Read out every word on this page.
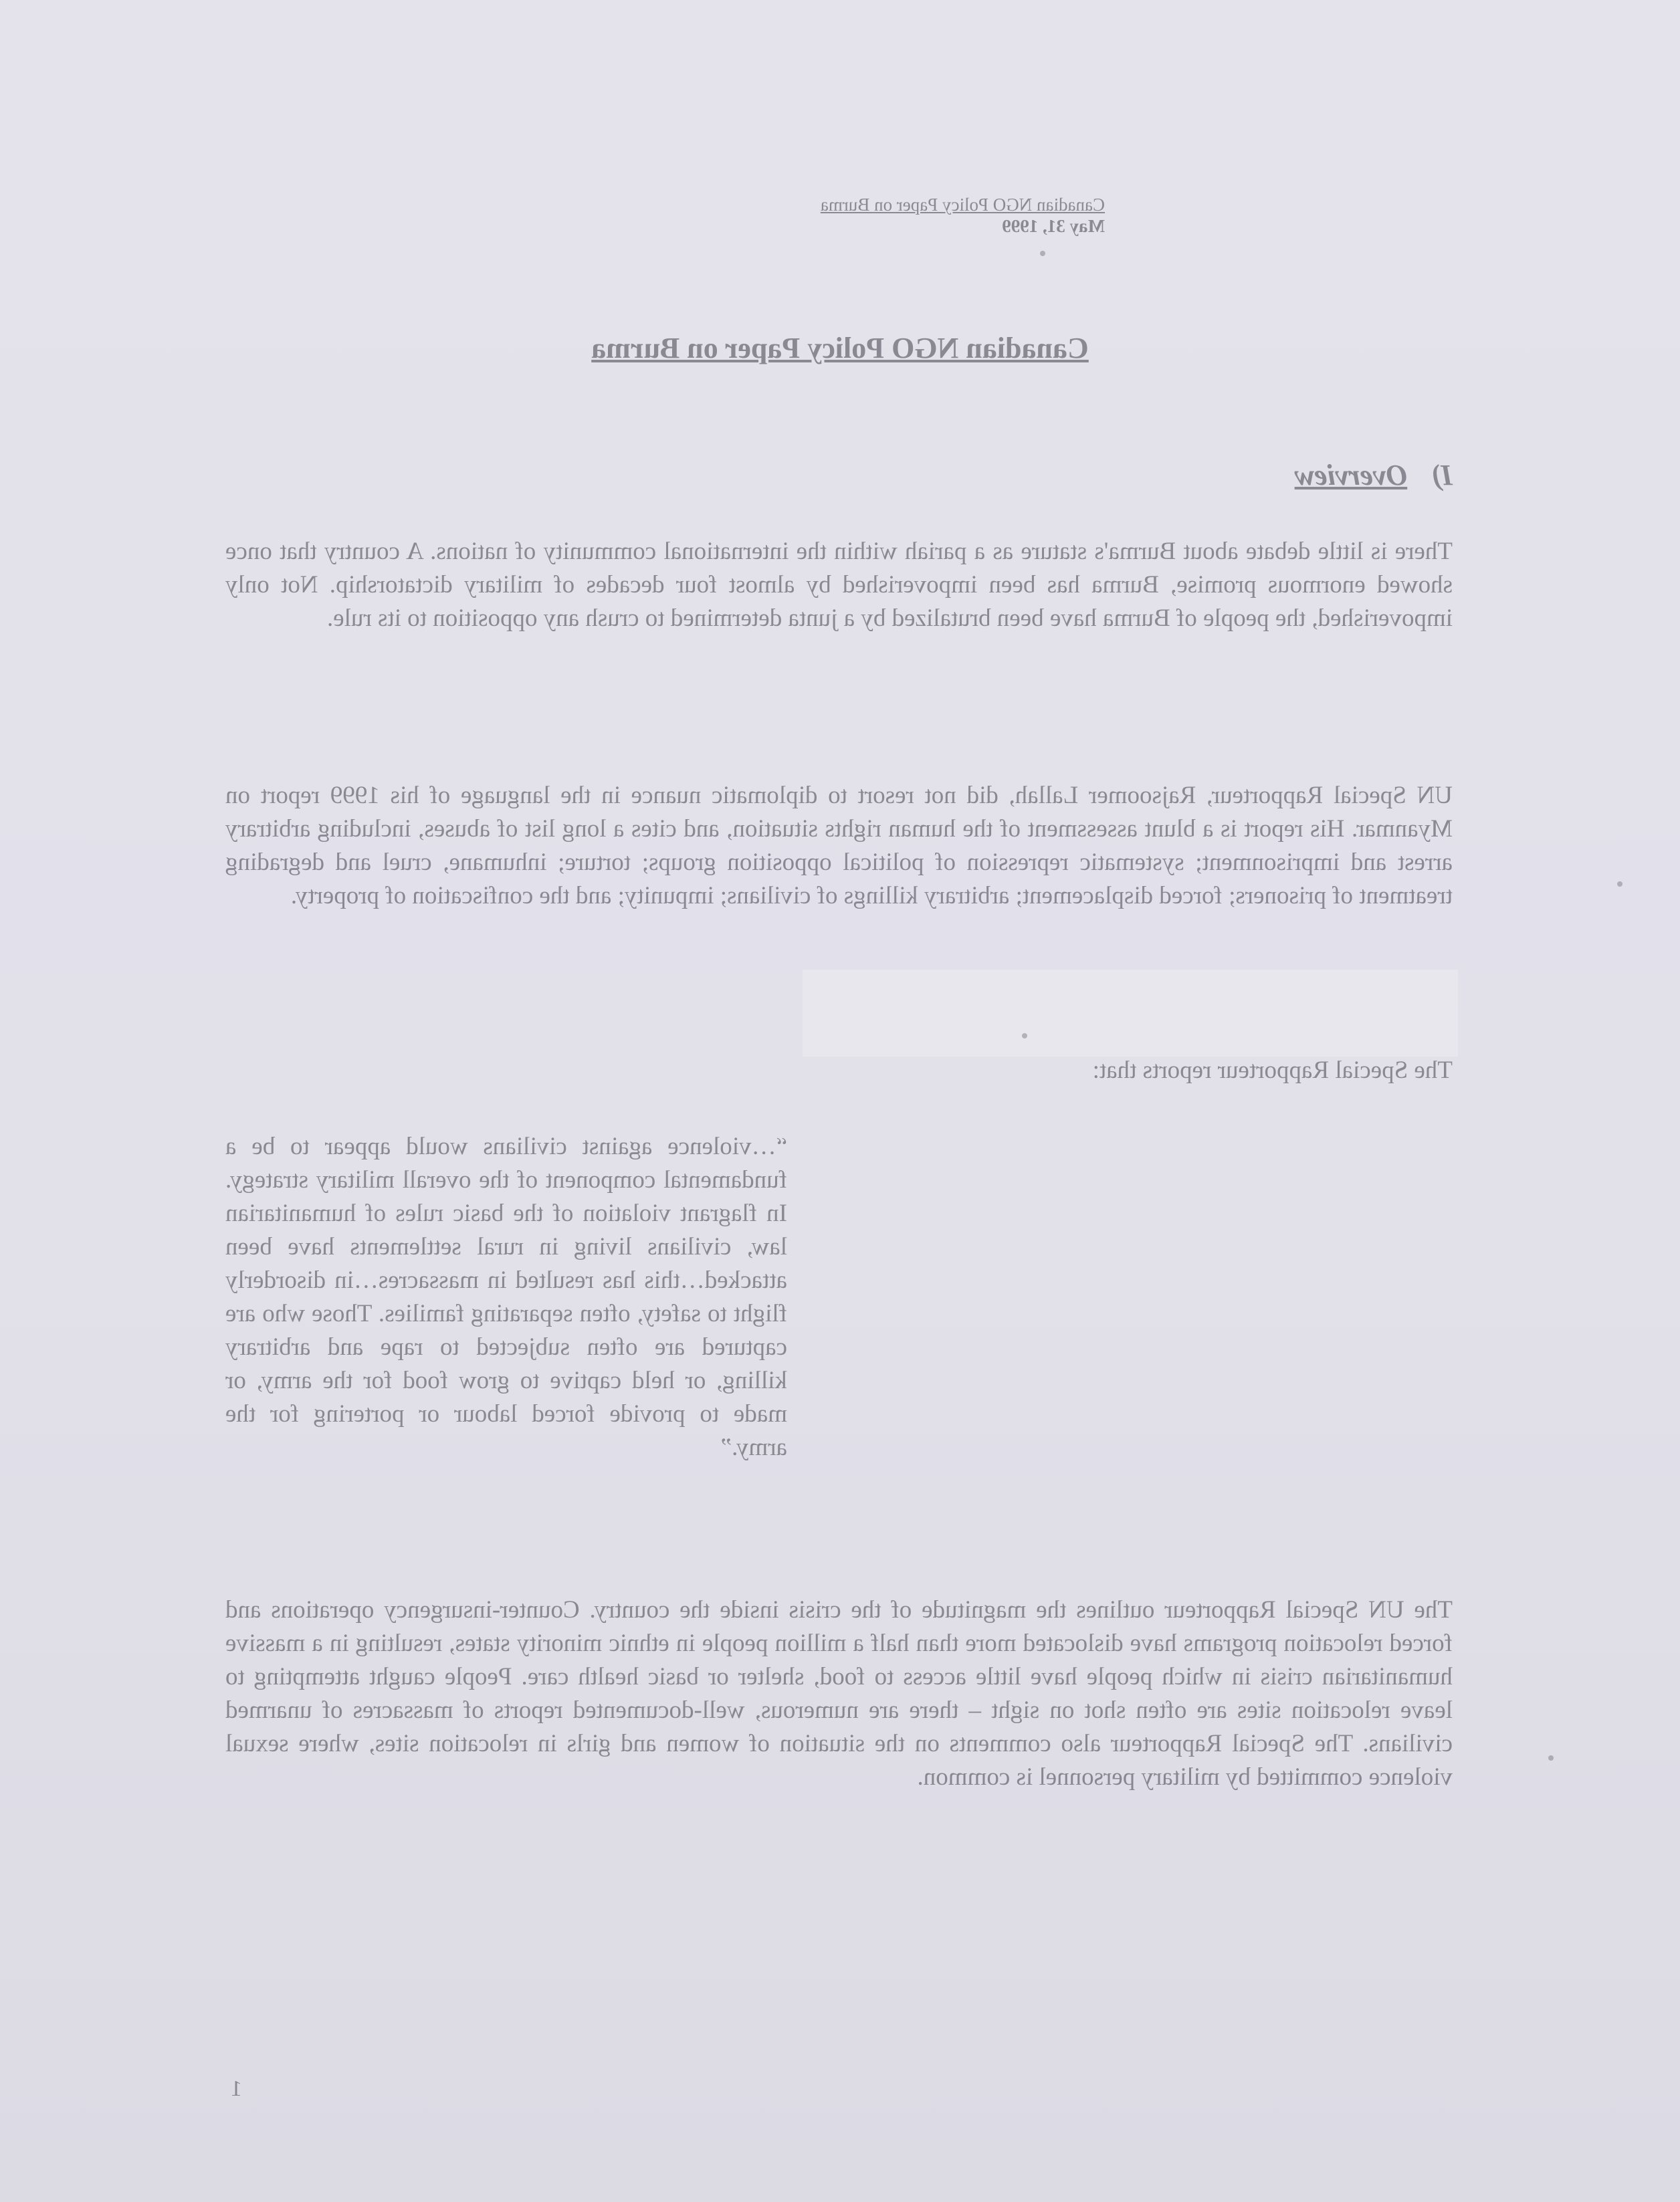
Canadian NGO Policy Paper on Burma
May 31, 1999
Canadian NGO Policy Paper on Burma
I)Overview

There is little debate about Burma's stature as a pariah within the international community of nations. A country that once showed enormous promise, Burma has been impoverished by almost four decades of military dictatorship. Not only impoverished, the people of Burma have been brutalized by a junta determined to crush any opposition to its rule.

UN Special Rapporteur, Rajsoomer Lallah, did not resort to diplomatic nuance in the language of his 1999 report on Myanmar. His report is a blunt assessment of the human rights situation, and cites a long list of abuses, including arbitrary arrest and imprisonment; systematic repression of political opposition groups; torture; inhumane, cruel and degrading treatment of prisoners; forced displacement; arbitrary killings of civilians; impunity; and the confiscation of property.

The Special Rapporteur reports that:

“…violence against civilians would appear to be a fundamental component of the overall military strategy. In flagrant violation of the basic rules of humanitarian law, civilians living in rural settlements have been attacked…this has resulted in massacres…in disorderly flight to safety, often separating families. Those who are captured are often subjected to rape and arbitrary killing, or held captive to grow food for the army, or made to provide forced labour or portering for the army.”

The UN Special Rapporteur outlines the magnitude of the crisis inside the country. Counter-insurgency operations and forced relocation programs have dislocated more than half a million people in ethnic minority states, resulting in a massive humanitarian crisis in which people have little access to food, shelter or basic health care. People caught attempting to leave relocation sites are often shot on sight – there are numerous, well-documented reports of massacres of unarmed civilians. The Special Rapporteur also comments on the situation of women and girls in relocation sites, where sexual violence committed by military personnel is common.

1
